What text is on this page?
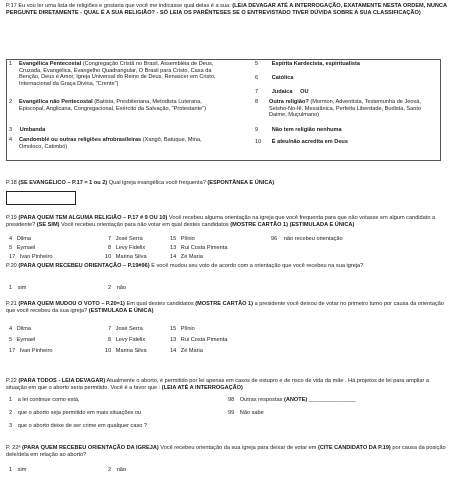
P.17 Eu vou ler uma lista de religiões e gostaria que você me indicasse qual delas é a sua: (LEIA DEVAGAR ATÉ A INTERROGAÇÃO, EXATAMENTE NESTA ORDEM, NUNCA PERGUNTE DIRETAMENTE - QUAL É A SUA RELIGIÃO? - SÓ LEIA OS PARÊNTESES SE O ENTREVISTADO TIVER DÚVIDA SOBRE A SUA CLASSIFICAÇÃO)
1 Evangélica Pentecostal (Congregação Cristã no Brasil, Assembléia de Deus, Cruzada, Evangélica, Evangelho Quadrangular, O Brasil para Cristo, Casa da Benção, Deus é Amor, Igreja Universal do Reino de Deus, Renascer em Cristo, Internacional da Graça Divina, "Crente")
2 Evangélica não Pentecostal (Batista, Presbiteriana, Metodista Luterana, Episcopal, Anglicana, Congregacional, Exército da Salvação, "Protestante")
3 Umbanda
4 Candomblé ou outras religiões afrobrasileiras (Xangô, Batuque, Mina, Omoloco, Catimbó)
5 Espírita Kardecista, espiritualista
6 Católica
7 Judaica OU
8 Outra religião? (Mormon, Adventista, Testemunha de Jeová, Seisho-No-Iê, Messiânica, Perfeita Liberdade, Budista, Santo Daime, Muçulmano)
9 Não tem religião nenhuma
10 É ateu/não acredita em Deus
P.18 (SE EVANGÉLICO – P.17 = 1 ou 2) Qual igreja evangélica você frequenta? (ESPONTÂNEA E ÚNICA)
P.19 (PARA QUEM TEM ALGUMA RELIGIÃO – P.17 # 9 OU 10) Você recebeu alguma orientação na igreja que você frequenta para que não votasse em algum candidato a presidente? (SE SIM) Você recebeu orientação para não votar em qual destes candidatos (MOSTRE CARTÃO 1) (ESTIMULADA E ÚNICA)
4 Dilma
5 Eymael
17 Ivan Pinheiro
7 José Serra
8 Levy Fidelix
10 Marina Silva
15 Plínio
13 Rui Costa Pimenta
14 Zé Maria
96 não recebeu orientação
P.20 (PARA QUEM RECEBEU ORIENTAÇÃO – P.19#96) E você mudou seu voto de acordo com a orientação que você recebeu na sua igreja?
1 sim	2 não
P.21 (PARA QUEM MUDOU O VOTO – P.20=1) Em qual destes candidatos (MOSTRE CARTÃO 1) a presidente você deixou de votar no primeiro turno por causa da orientação que você recebeu da sua igreja? (ESTIMULADA E ÚNICA)
4 Dilma
5 Eymael
17 Ivan Pinheiro
7 José Serra
8 Levy Fidelix
10 Marina Silva
15 Plínio
13 Rui Costa Pimenta
14 Zé Maria
P.22 (PARA TODOS - LEIA DEVAGAR) Atualmente o aborto, é permitido por lei apenas em casos de estupro e de risco de vida da mãe . Há projetos de lei para ampliar a situação em que o aborto seria permitido. Você é a favor que : (LEIA ATÉ A INTERROGAÇÃO)
1 a lei continue como está,
2 que o aborto seja permitido em mais situações ou
3 que o aborto deixe de ser crime em qualquer caso ?
98 Outras respostas (ANOTE) _______________
99 Não sabe
P. 22ª (PARA QUEM RECEBEU ORIENTAÇÃO DA IGREJA) Você recebeu orientação da sua igreja para deixar de votar em (CITE CANDIDATO DA P.19) por causa da posição dele/dela em relação ao aborto?
1 sim	2 não
